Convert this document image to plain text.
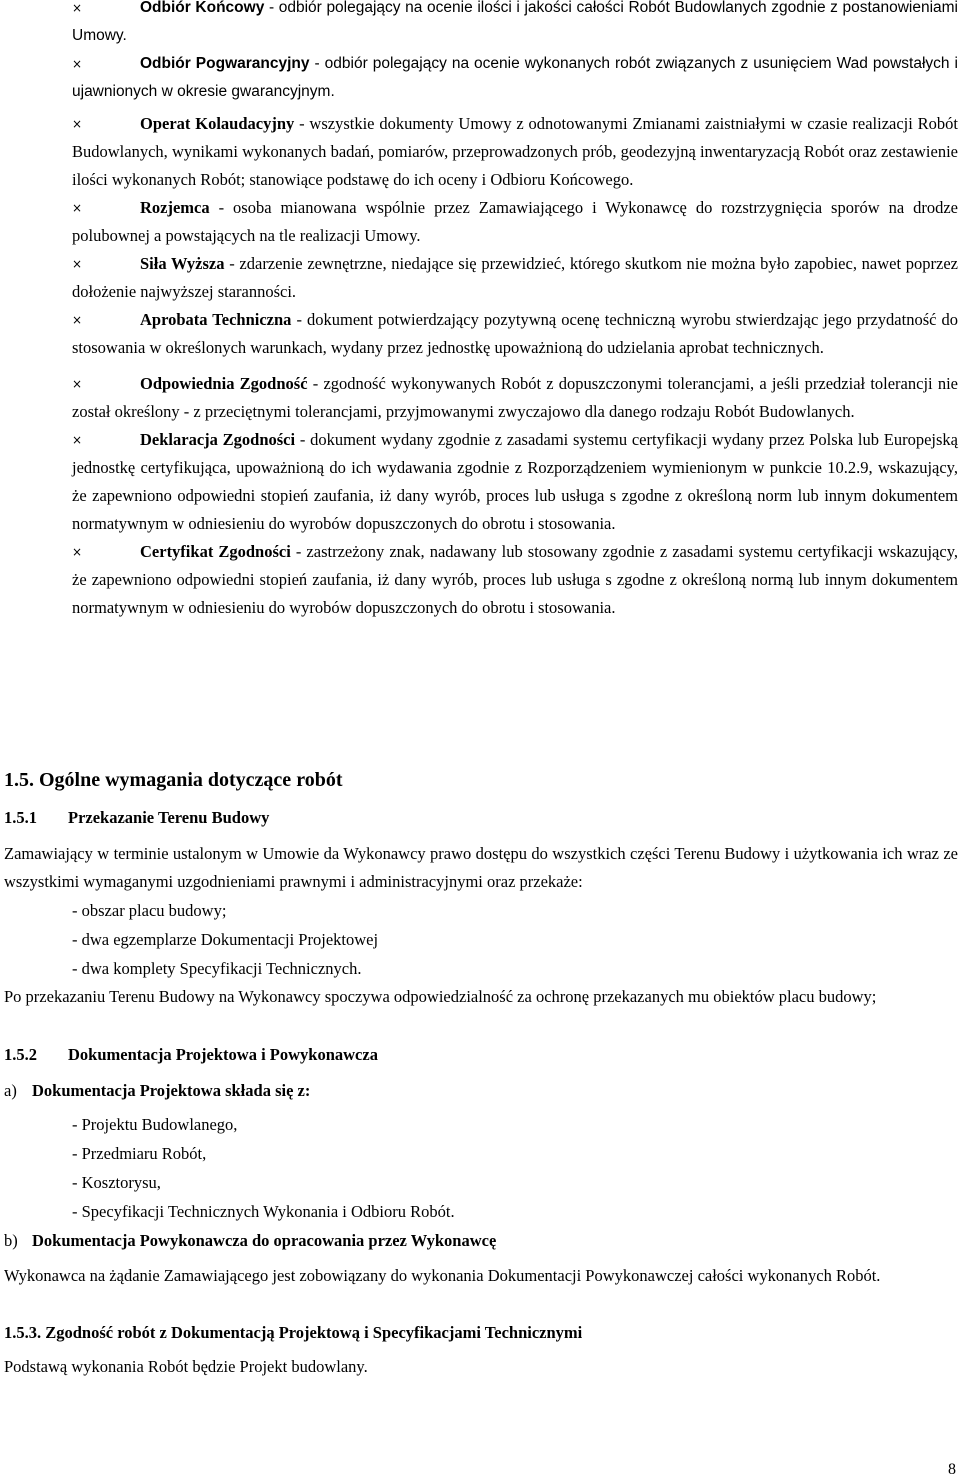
×	Odbiór Końcowy - odbiór polegający na ocenie ilości i jakości całości Robót Budowlanych zgodnie z postanowieniami Umowy.

×	Odbiór Pogwarancyjny - odbiór polegający na ocenie wykonanych robót związanych z usunięciem Wad powstałych i ujawnionych w okresie gwarancyjnym.

×	Operat Kolaudacyjny - wszystkie dokumenty Umowy z odnotowanymi Zmianami zaistniałymi w czasie realizacji Robót Budowlanych, wynikami wykonanych badań, pomiarów, przeprowadzonych prób, geodezyjną inwentaryzacją Robót oraz zestawienie ilości wykonanych Robót; stanowiące podstawę do ich oceny i Odbioru Końcowego.

×	Rozjemca - osoba mianowana wspólnie przez Zamawiającego i Wykonawcę do rozstrzygnięcia sporów na drodze polubownej a powstających na tle realizacji Umowy.

×	Siła Wyższa - zdarzenie zewnętrzne, niedające się przewidzieć, którego skutkom nie można było zapobiec, nawet poprzez dołożenie najwyższej staranności.

×	Aprobata Techniczna - dokument potwierdzający pozytywną ocenę techniczną wyrobu stwierdzając jego przydatność do stosowania w określonych warunkach, wydany przez jednostkę upoważnioną do udzielania aprobat technicznych.

×	Odpowiednia Zgodność - zgodność wykonywanych Robót z dopuszczonymi tolerancjami, a jeśli przedział tolerancji nie został określony - z przeciętnymi tolerancjami, przyjmowanymi zwyczajowo dla danego rodzaju Robót Budowlanych.

×	Deklaracja Zgodności - dokument wydany zgodnie z zasadami systemu certyfikacji wydany przez Polska lub Europejską jednostkę certyfikująca, upoważnioną do ich wydawania zgodnie z Rozporządzeniem wymienionym w punkcie 10.2.9, wskazujący, że zapewniono odpowiedni stopień zaufania, iż dany wyrób, proces lub usługa s zgodne z określoną norm lub innym dokumentem normatywnym w odniesieniu do wyrobów dopuszczonych do obrotu i stosowania.

×	Certyfikat Zgodności - zastrzeżony znak, nadawany lub stosowany zgodnie z zasadami systemu certyfikacji wskazujący, że zapewniono odpowiedni stopień zaufania, iż dany wyrób, proces lub usługa s zgodne z określoną normą lub innym dokumentem normatywnym w odniesieniu do wyrobów dopuszczonych do obrotu i stosowania.

1.5. Ogólne wymagania dotyczące robót
1.5.1 Przekazanie Terenu Budowy

Zamawiający w terminie ustalonym w Umowie da Wykonawcy prawo dostępu do wszystkich części Terenu Budowy i użytkowania ich wraz ze wszystkimi wymaganymi uzgodnieniami prawnymi i administracyjnymi oraz przekaże:

- obszar placu budowy;
- dwa egzemplarze Dokumentacji Projektowej
- dwa komplety Specyfikacji Technicznych.

Po przekazaniu Terenu Budowy na Wykonawcy spoczywa odpowiedzialność za ochronę przekazanych mu obiektów placu budowy;

1.5.2 Dokumentacja Projektowa i Powykonawcza

a) Dokumentacja Projektowa składa się z:

- Projektu Budowlanego,
- Przedmiaru Robót,
- Kosztorysu,
- Specyfikacji Technicznych Wykonania i Odbioru Robót.

b) Dokumentacja Powykonawcza do opracowania przez Wykonawcę

Wykonawca na żądanie Zamawiającego jest zobowiązany do wykonania Dokumentacji Powykonawczej całości wykonanych Robót.

1.5.3. Zgodność robót z Dokumentacją Projektową i Specyfikacjami Technicznymi

Podstawą wykonania Robót będzie Projekt budowlany.

8
